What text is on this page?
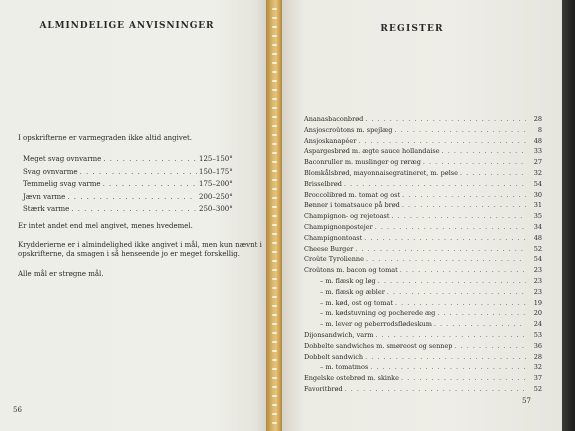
ALMINDELIGE ANVISNINGER

I opskrifterne er varmegraden ikke altid angivet.

Meget svag ovnvarme . . .	125–150°
Svag ovnvarme . . .	150–175°
Temmelig svag varme . . .	175–200°
Jævn varme . . .	200–250°
Stærk varme . . .	250–300°

Er intet andet end mel angivet, menes hvedemel.

Krydderierne er i almindelighed ikke angivet i mål, men kun nævnt i opskrifterne, da smagen i så henseende jo er meget forskellig.

Alle mål er strøgne mål.

56

REGISTER
Ananasbaconbrød . . .	28
Ansjoscroûtons m. spejlæg . . .	8
Ansjoskanapéer . . .	48
Aspargesbrød m. ægte sauce hollandaise . . .	33
Baconruller m. muslinger og røræg . . .	27
Blomkålsbrød, mayonnaisegratineret, m. pølse . . .	32
Brisselbrød . . .	54
Broccolibrød m. tomat og ost . . .	30
Bønner i tomatsauce på brød . . .	31
Champignon- og rejetoast . . .	35
Champignonpostejer . . .	34
Champignontoast . . .	48
Cheese Burger . . .	52
Croûte Tyrolienne . . .	54
Croûtons m. bacon og tomat . . .	23
– m. flæsk og løg . . .	23
– m. flæsk og æbler . . .	23
– m. kød, ost og tomat . . .	19
– m. kødstuvning og pocherede æg . . .	20
– m. lever og peberrodsflødeskum . . .	24
Dijonsandwich, varm . . .	53
Dobbelte sandwiches m. smøreost og sennep . . .	36
Dobbelt sandwich . . .	28
– m. tomatmos . . .	32
Engelske ostebrød m. skinke . . .	37
Favoritbrød . . .	52

57
